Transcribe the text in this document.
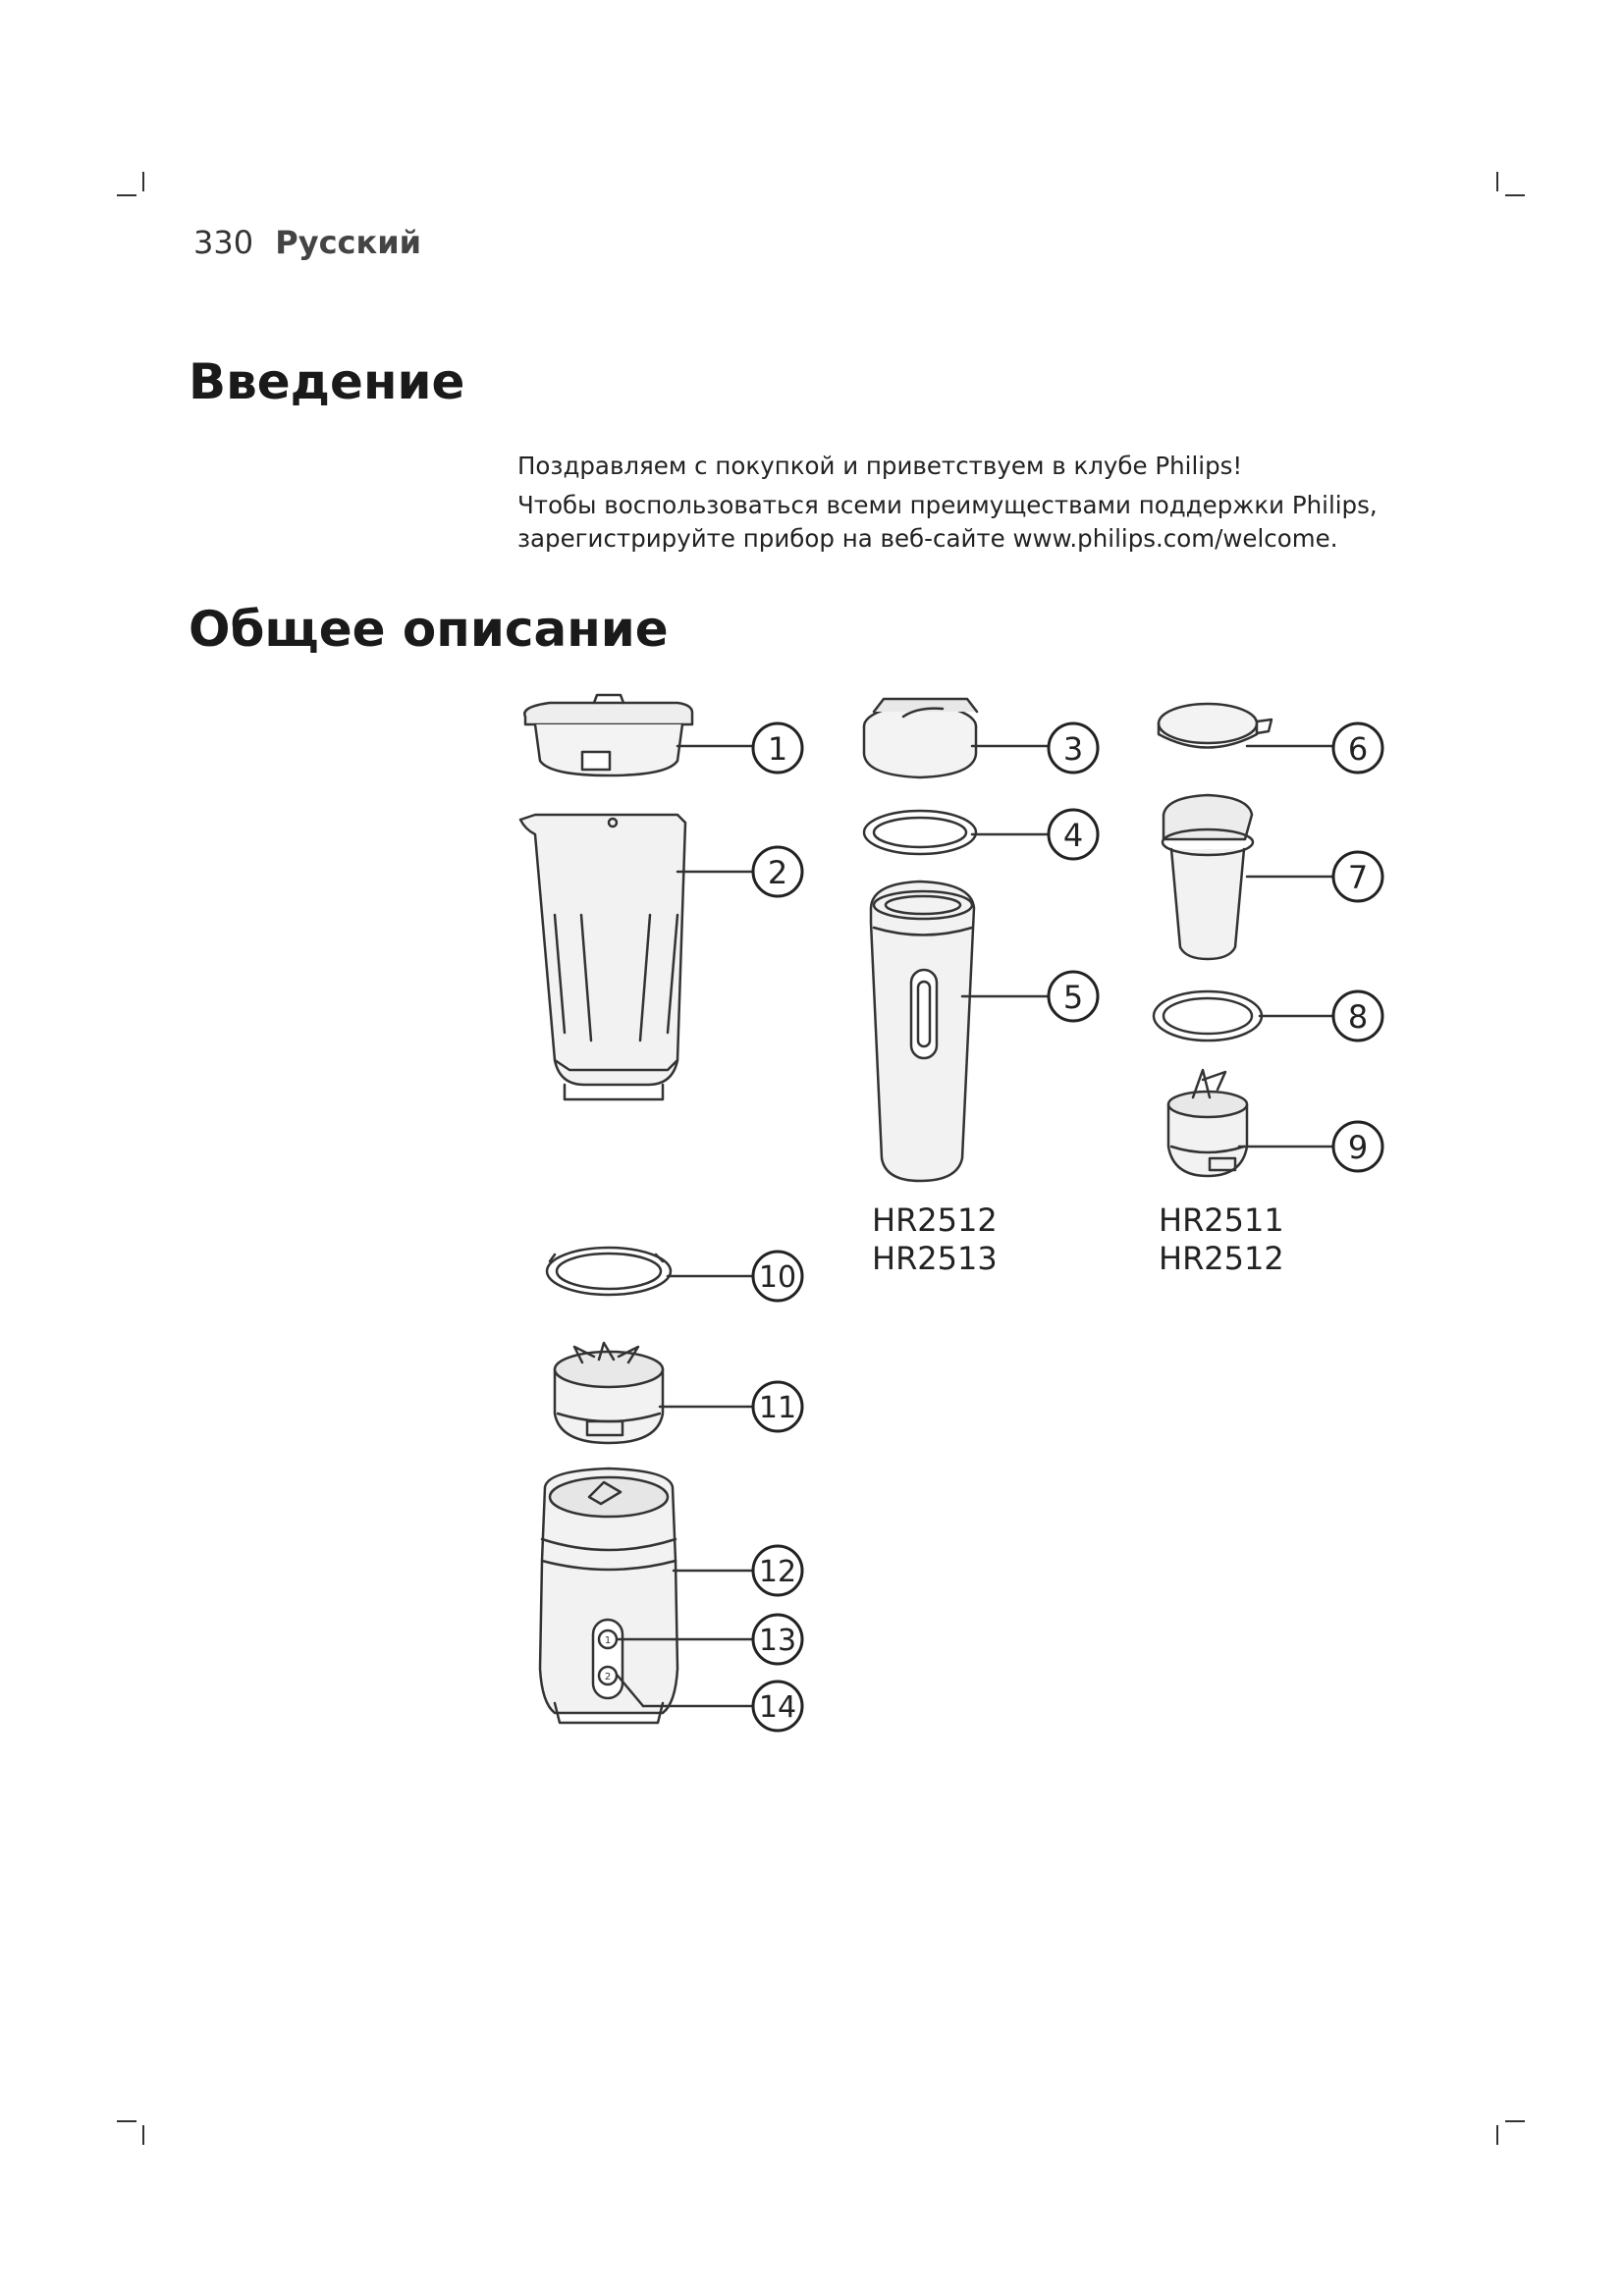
330 Русский
Введение

Поздравляем с покупкой и приветствуем в клубе Philips!

Чтобы воспользоваться всеми преимуществами поддержки Philips,

зарегистрируйте прибор на веб-сайте www.philips.com/welcome.

Общее описание
1
2
1
2
3
4
5
6
7
8
9
10
11
12
13
14
HR2512
HR2513
HR2511
HR2512
